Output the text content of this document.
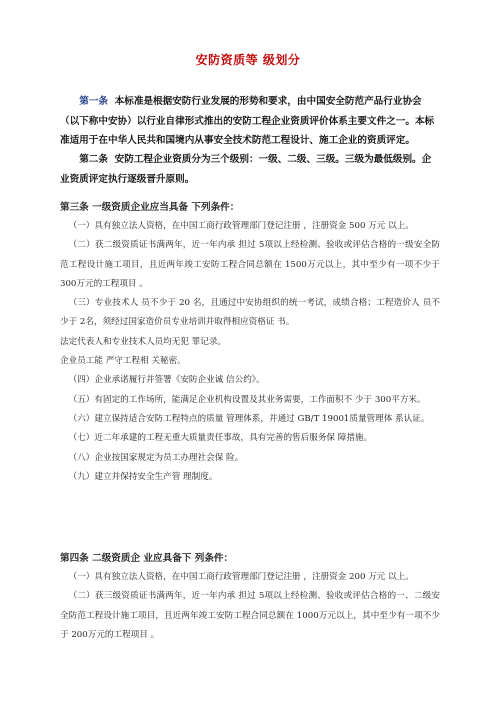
安防资质等 级划分

第一条 本标准是根据安防行业发展的形势和要求，由中国安全防范产品行业协会（以下称中安协）以行业自律形式推出的安防工程企业资质评价体系主要文件之一。本标准适用于在中华人民共和国境内从事安全技术防范工程设计、施工企业的资质评定。

第二条 安防工程企业资质分为三个级别：一级、二级、三级。三级为最低级别。企业资质评定执行逐级晋升原则。

第三条 一级资质企业应当具备 下列条件：

（一）具有独立法人资格，在中国工商行政管理部门登记注册 ，注册资金 500 万元 以上。

（二）获二级资质证书满两年，近一年内承 担过 5项以上经检测、验收或评估合格的一级安全防范工程设计施工项目，且近两年竣工安防工程合同总额在 1500万元以上，其中至少有一项不少于 300万元的工程项目 。

（三）专业技术人 员不少于 20 名，且通过中安协组织的统一考试，成绩合格；工程造价人 员不少于 2名，须经过国家造价员专业培训并取得相应资格证 书。

法定代表人和专业技术人员均无犯 罪记录。

企业员工能 严守工程相 关秘密。

（四）企业承诺履行并签署《安防企业诚 信公约》。

（五）有固定的工作场所，能满足企业机构设置及其业务需要，工作面积不 少于 300平方米。

（六）建立保持适合安防工程特点的质量 管理体系，并通过 GB/T 19001质量管理体 系认证。

（七）近二年承建的工程无重大质量责任事故，具有完善的售后服务保 障措施。

（八）企业按国家规定为员工办理社会保 险。

（九）建立并保持安全生产管 理制度。

第四条 二级资质企 业应具备下 列条件：

（一）具有独立法人资格，在中国工商行政管理部门登记注册 ，注册资金 200 万元 以上。

（二）获三级资质证书满两年，近一年内承 担过 5项以上经检测、验收或评估合格的一、二级安全防范工程设计施工项目，且近两年竣工安防工程合同总额在 1000万元以上，其中至少有一项不少于 200万元的工程项目 。
